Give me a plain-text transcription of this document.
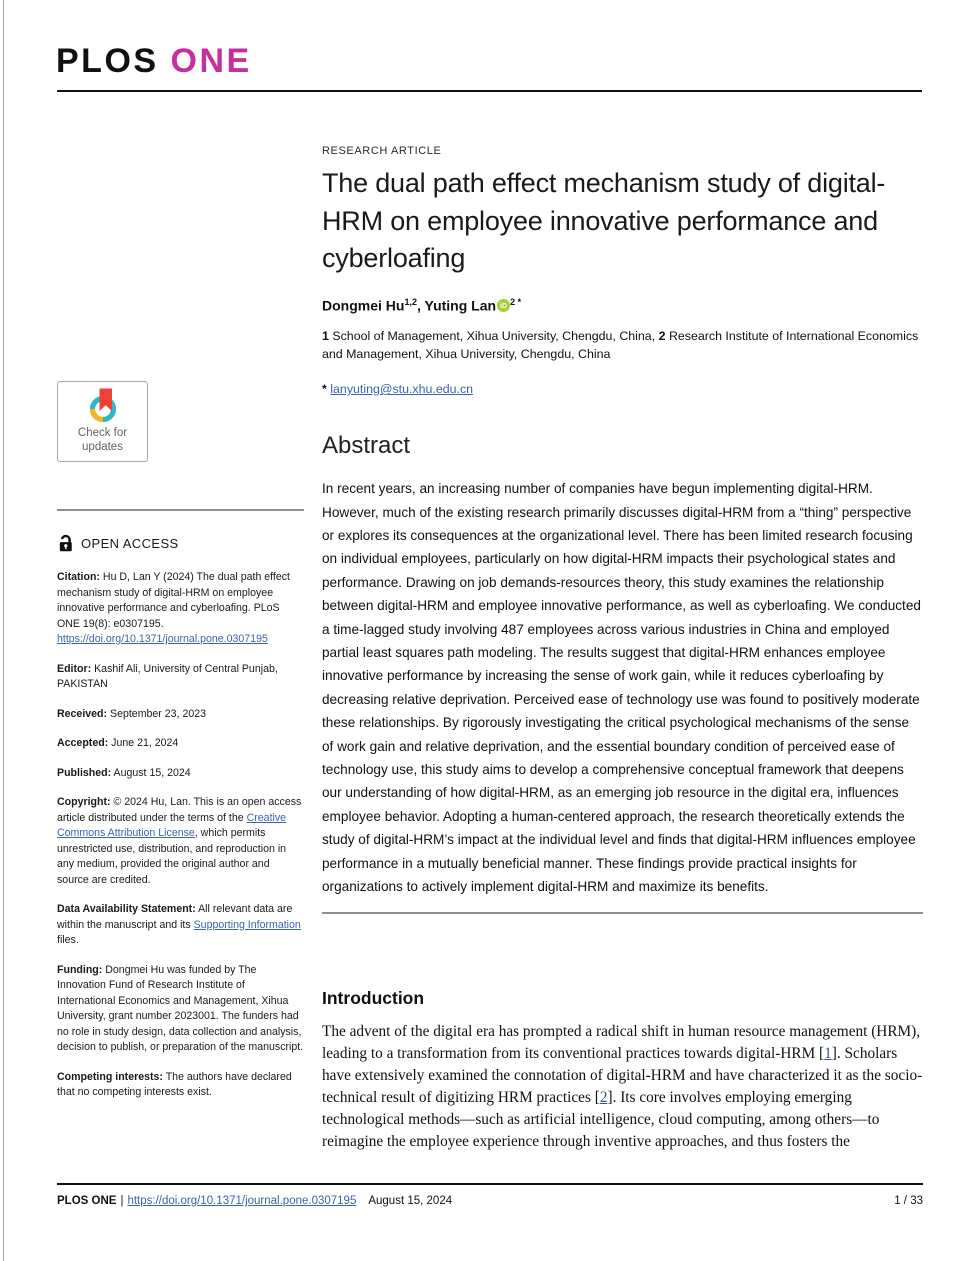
PLOS ONE
Check for
updates
OPEN ACCESS

Citation: Hu D, Lan Y (2024) The dual path effect mechanism study of digital-HRM on employee innovative performance and cyberloafing. PLoS ONE 19(8): e0307195. https://doi.org/10.1371/journal.pone.0307195

Editor: Kashif Ali, University of Central Punjab, PAKISTAN

Received: September 23, 2023

Accepted: June 21, 2024

Published: August 15, 2024

Copyright: © 2024 Hu, Lan. This is an open access article distributed under the terms of the Creative Commons Attribution License, which permits unrestricted use, distribution, and reproduction in any medium, provided the original author and source are credited.

Data Availability Statement: All relevant data are within the manuscript and its Supporting Information files.

Funding: Dongmei Hu was funded by The Innovation Fund of Research Institute of International Economics and Management, Xihua University, grant number 2023001. The funders had no role in study design, data collection and analysis, decision to publish, or preparation of the manuscript.

Competing interests: The authors have declared that no competing interests exist.

RESEARCH ARTICLE
The dual path effect mechanism study of digital-HRM on employee innovative performance and cyberloafing
Dongmei Hu$^{1,2}$, Yuting Lan iD
$^2$ *
1 School of Management, Xihua University, Chengdu, China, 2 Research Institute of International Economics and Management, Xihua University, Chengdu, China
* lanyuting@stu.xhu.edu.cn
Abstract

In recent years, an increasing number of companies have begun implementing digital-HRM. However, much of the existing research primarily discusses digital-HRM from a “thing” perspective or explores its consequences at the organizational level. There has been limited research focusing on individual employees, particularly on how digital-HRM impacts their psychological states and performance. Drawing on job demands-resources theory, this study examines the relationship between digital-HRM and employee innovative performance, as well as cyberloafing. We conducted a time-lagged study involving 487 employees across various industries in China and employed partial least squares path modeling. The results suggest that digital-HRM enhances employee innovative performance by increasing the sense of work gain, while it reduces cyberloafing by decreasing relative deprivation. Perceived ease of technology use was found to positively moderate these relationships. By rigorously investigating the critical psychological mechanisms of the sense of work gain and relative deprivation, and the essential boundary condition of perceived ease of technology use, this study aims to develop a comprehensive conceptual framework that deepens our understanding of how digital-HRM, as an emerging job resource in the digital era, influences employee behavior. Adopting a human-centered approach, the research theoretically extends the study of digital-HRM’s impact at the individual level and finds that digital-HRM influences employee performance in a mutually beneficial manner. These findings provide practical insights for organizations to actively implement digital-HRM and maximize its benefits.

Introduction

The advent of the digital era has prompted a radical shift in human resource management (HRM), leading to a transformation from its conventional practices towards digital-HRM [1]. Scholars have extensively examined the connotation of digital-HRM and have characterized it as the socio-technical result of digitizing HRM practices [2]. Its core involves employing emerging technological methods—such as artificial intelligence, cloud computing, among others—to reimagine the employee experience through inventive approaches, and thus fosters the

PLOS ONE | https://doi.org/10.1371/journal.pone.0307195 August 15, 2024	1 / 33
